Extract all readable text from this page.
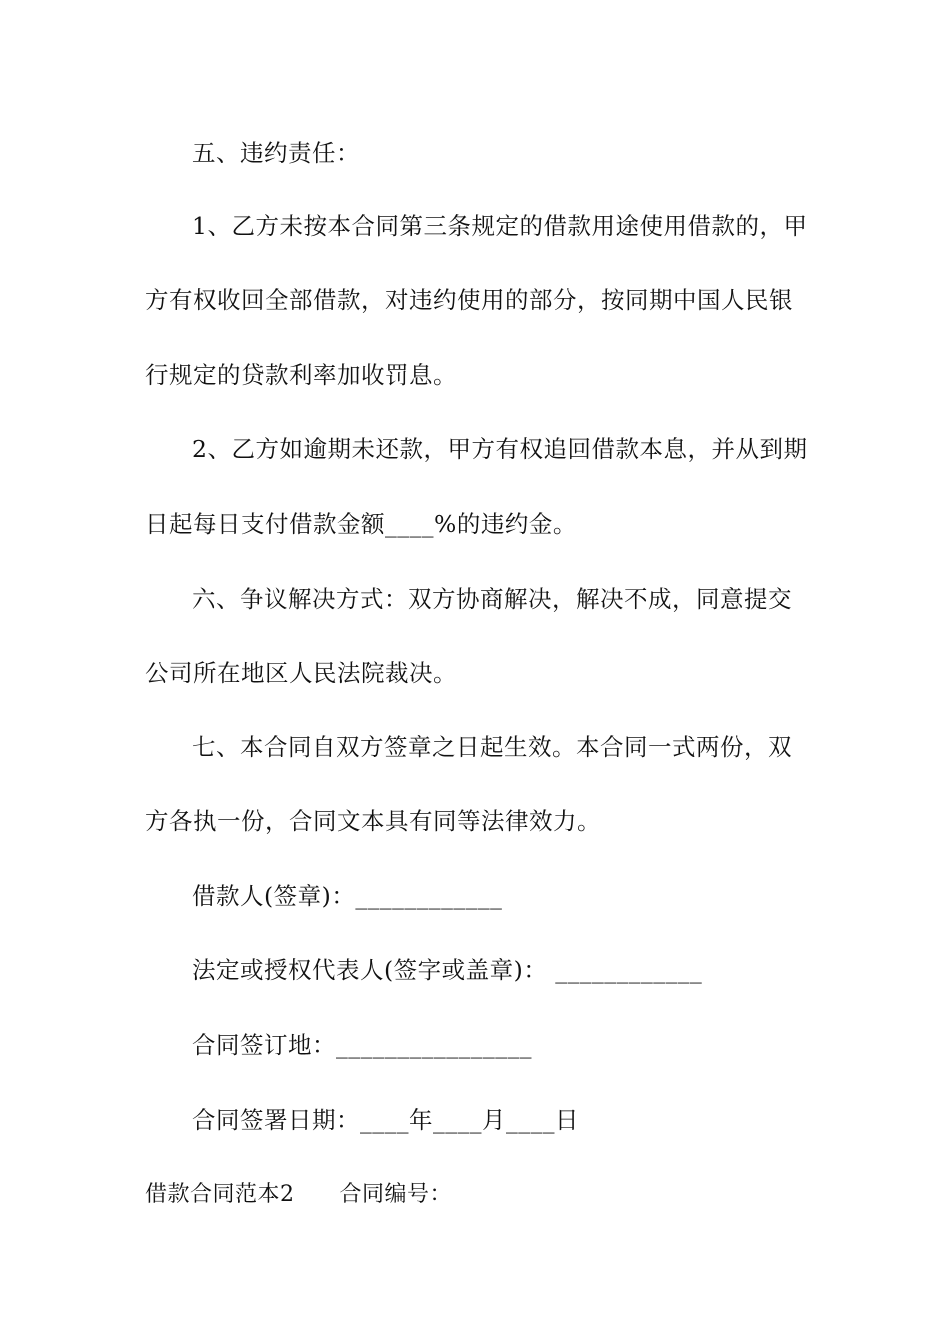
五、违约责任：
1、乙方未按本合同第三条规定的借款用途使用借款的，甲
方有权收回全部借款，对违约使用的部分，按同期中国人民银
行规定的贷款利率加收罚息。
2、乙方如逾期未还款，甲方有权追回借款本息，并从到期
日起每日支付借款金额____%的违约金。
六、争议解决方式：双方协商解决，解决不成，同意提交
公司所在地区人民法院裁决。
七、本合同自双方签章之日起生效。本合同一式两份，双
方各执一份，合同文本具有同等法律效力。
借款人(签章)：____________
法定或授权代表人(签字或盖章)： ____________
合同签订地：________________
合同签署日期：____年____月____日
借款合同范本2　　合同编号：
